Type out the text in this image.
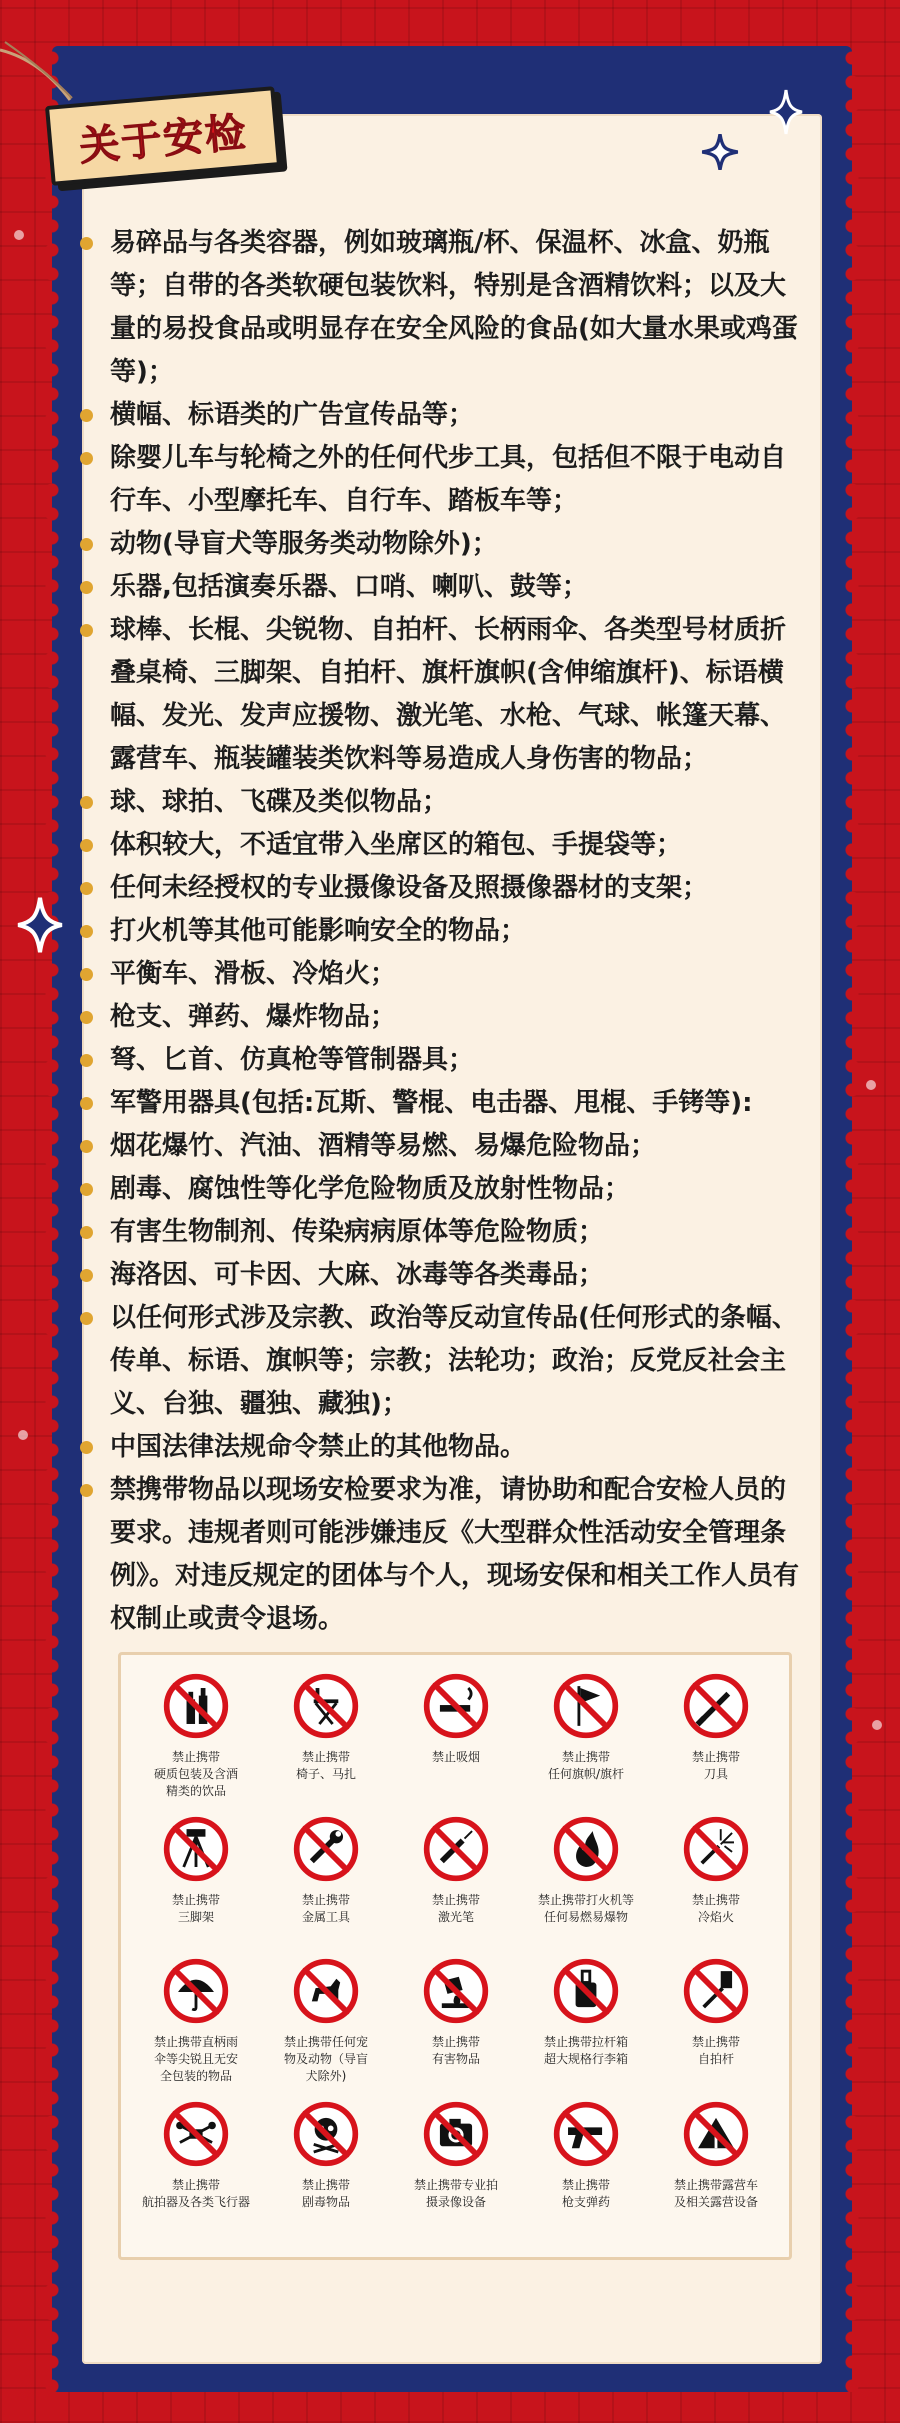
关于安检
易碎品与各类容器，例如玻璃瓶/杯、保温杯、冰盒、奶瓶等；自带的各类软硬包装饮料，特别是含酒精饮料；以及大量的易投食品或明显存在安全风险的食品(如大量水果或鸡蛋等)；
横幅、标语类的广告宣传品等；
除婴儿车与轮椅之外的任何代步工具，包括但不限于电动自行车、小型摩托车、自行车、踏板车等；
动物(导盲犬等服务类动物除外)；
乐器,包括演奏乐器、口哨、喇叭、鼓等；
球棒、长棍、尖锐物、自拍杆、长柄雨伞、各类型号材质折叠桌椅、三脚架、自拍杆、旗杆旗帜(含伸缩旗杆)、标语横幅、发光、发声应援物、激光笔、水枪、气球、帐篷天幕、露营车、瓶装罐装类饮料等易造成人身伤害的物品；
球、球拍、飞碟及类似物品；
体积较大，不适宜带入坐席区的箱包、手提袋等；
任何未经授权的专业摄像设备及照摄像器材的支架；
打火机等其他可能影响安全的物品；
平衡车、滑板、冷焰火；
枪支、弹药、爆炸物品；
弩、匕首、仿真枪等管制器具；
军警用器具(包括:瓦斯、警棍、电击器、甩棍、手铐等):
烟花爆竹、汽油、酒精等易燃、易爆危险物品；
剧毒、腐蚀性等化学危险物质及放射性物品；
有害生物制剂、传染病病原体等危险物质；
海洛因、可卡因、大麻、冰毒等各类毒品；
以任何形式涉及宗教、政治等反动宣传品(任何形式的条幅、传单、标语、旗帜等；宗教；法轮功；政治；反党反社会主义、台独、疆独、藏独)；
中国法律法规命令禁止的其他物品。
禁携带物品以现场安检要求为准，请协助和配合安检人员的要求。违规者则可能涉嫌违反《大型群众性活动安全管理条例》。对违反规定的团体与个人，现场安保和相关工作人员有权制止或责令退场。
禁止携带
硬质包装及含酒
精类的饮品
禁止携带
椅子、马扎
禁止吸烟	禁止携带
任何旗帜/旗杆
禁止携带
刀具
禁止携带
三脚架
禁止携带
金属工具
禁止携带
激光笔
禁止携带打火机等
任何易燃易爆物
禁止携带
冷焰火
禁止携带直柄雨
伞等尖锐且无安
全包装的物品
禁止携带任何宠
物及动物（导盲
犬除外)
禁止携带
有害物品
禁止携带拉杆箱
超大规格行李箱
禁止携带
自拍杆
禁止携带
航拍器及各类飞行器
禁止携带
剧毒物品
禁止携带专业拍
摄录像设备
禁止携带
枪支弹药
禁止携带露营车
及相关露营设备
